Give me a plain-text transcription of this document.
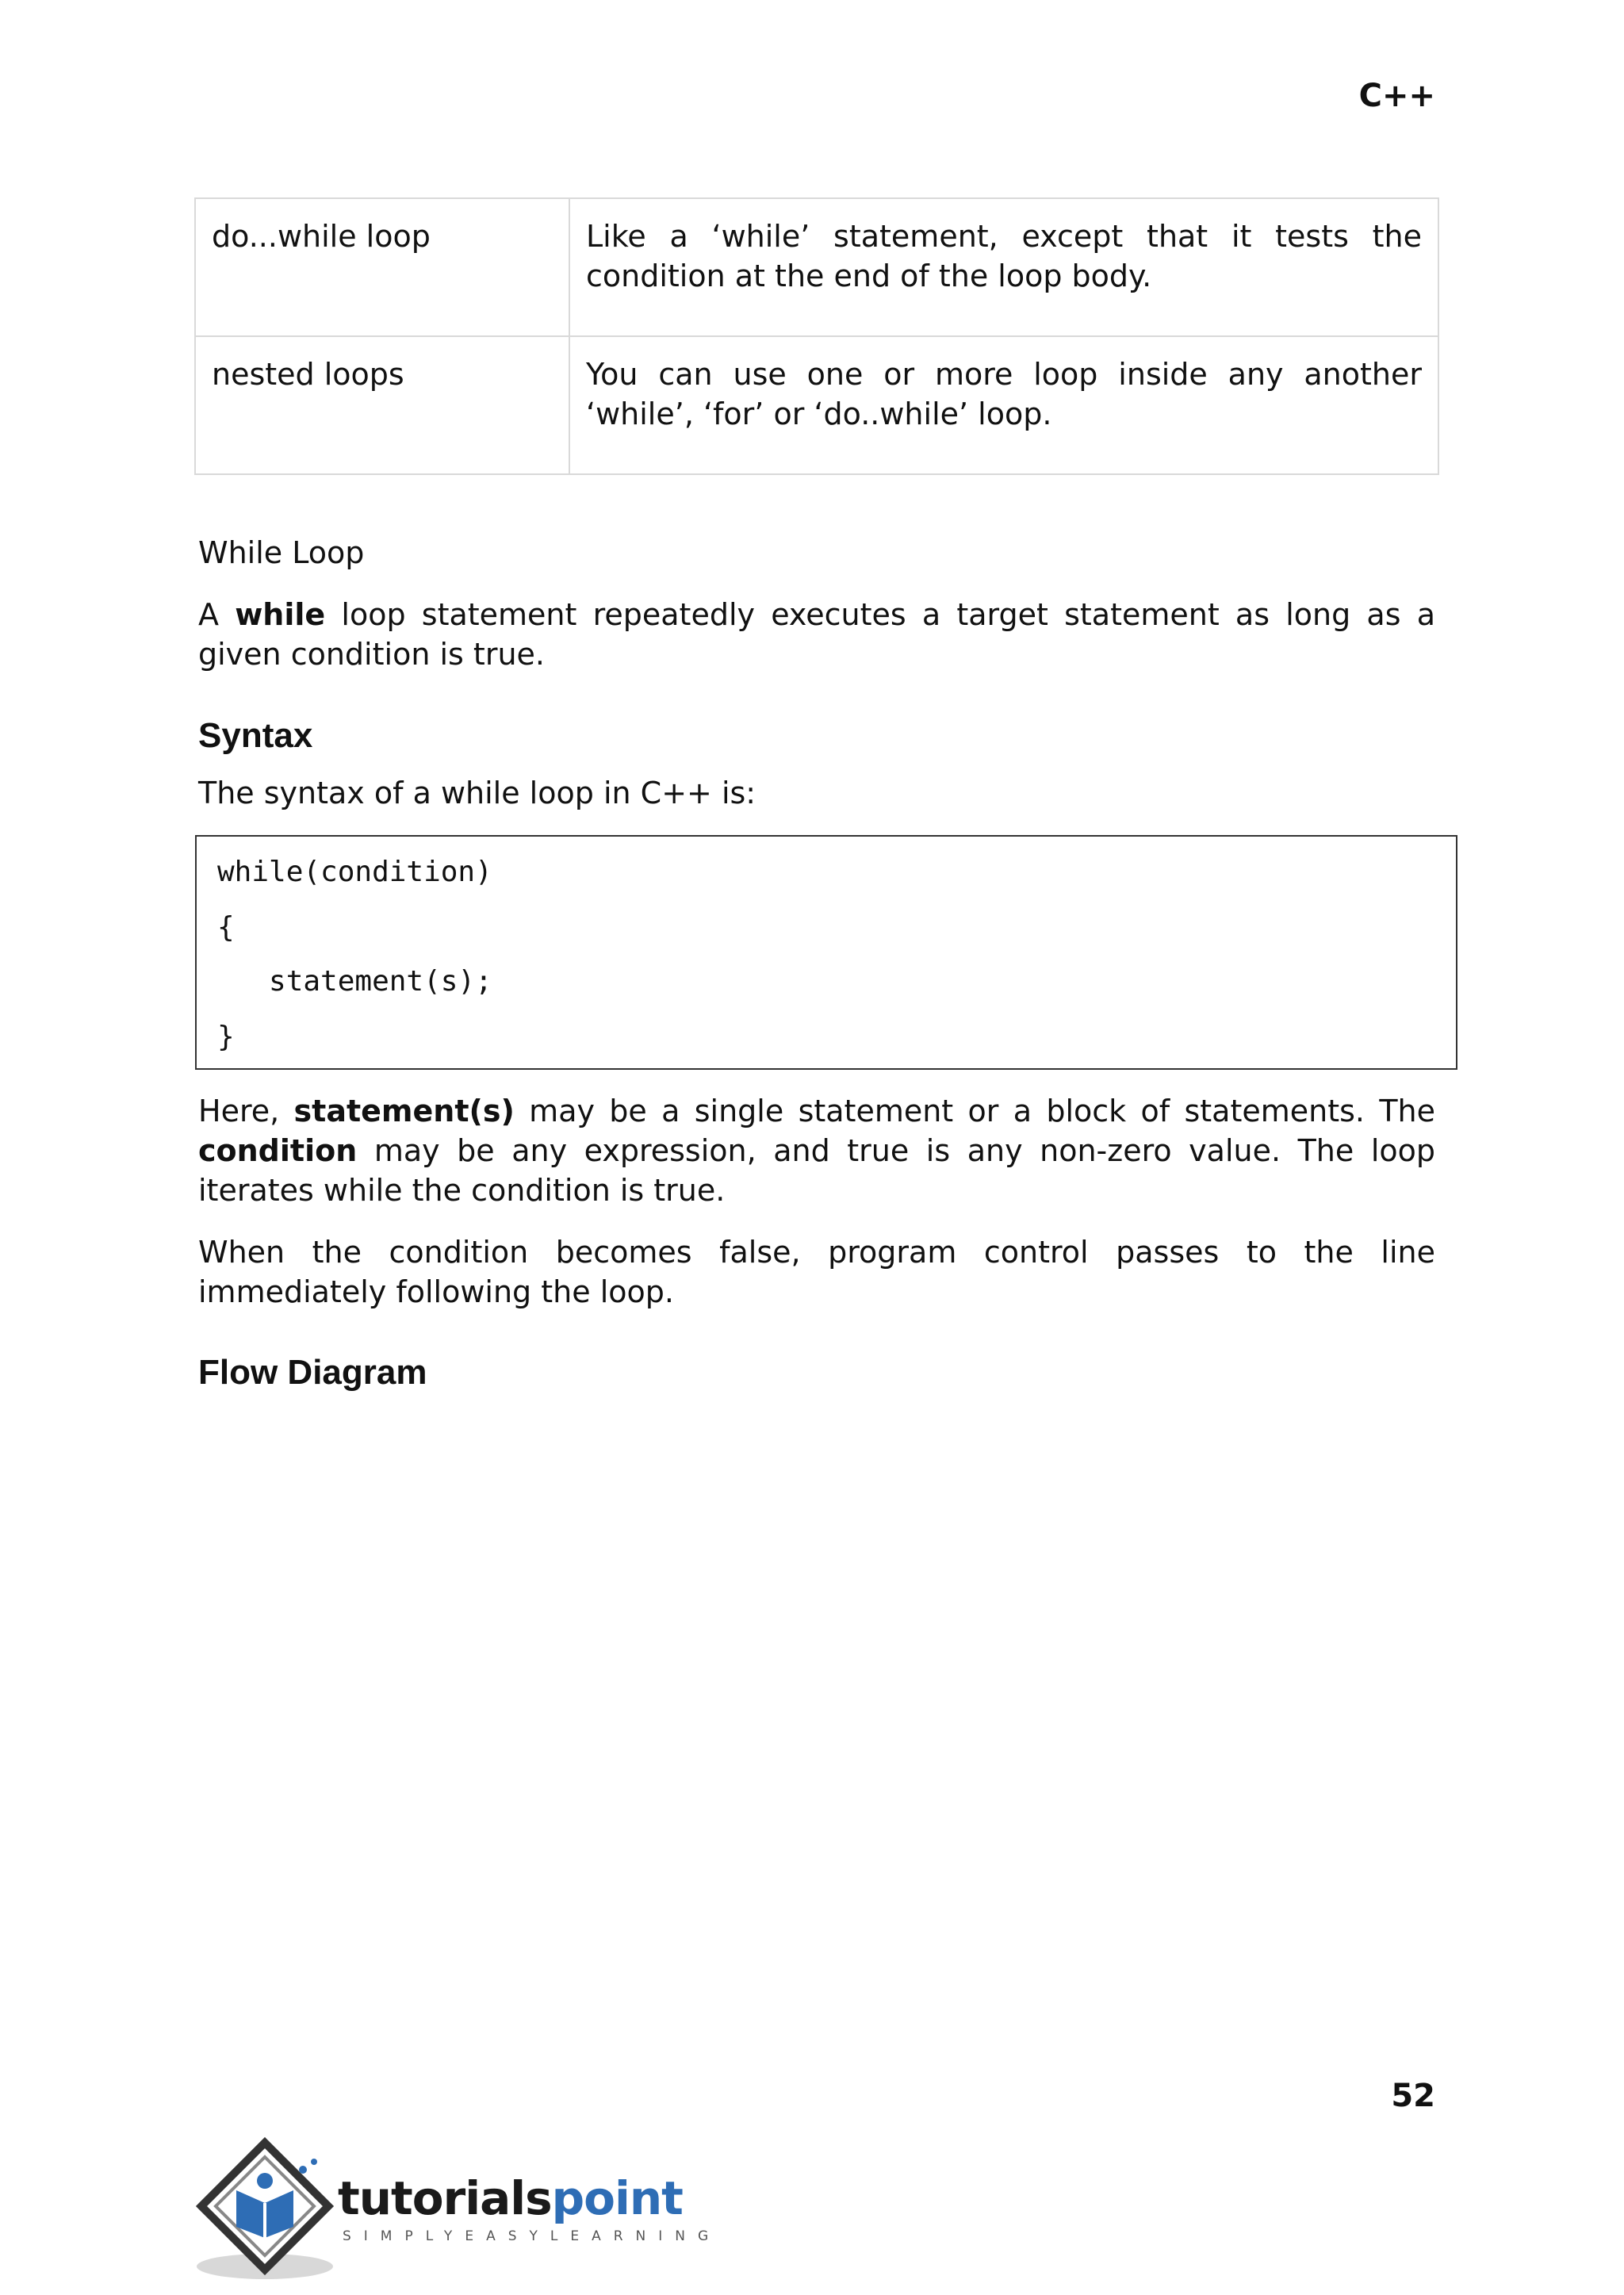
C++
do...while loop	Like a ‘while’ statement, except that it tests the condition at the end of the loop body.
nested loops	You can use one or more loop inside any another ‘while’, ‘for’ or ‘do..while’ loop.
While Loop
A while loop statement repeatedly executes a target statement as long as a given condition is true.
Syntax
The syntax of a while loop in C++ is:
while(condition)
{
statement(s);
}
Here, statement(s) may be a single statement or a block of statements. The condition may be any expression, and true is any non-zero value. The loop iterates while the condition is true.
When the condition becomes false, program control passes to the line immediately following the loop.
Flow Diagram
52
tutorialspoint
SIMPLYEASYLEARNING
